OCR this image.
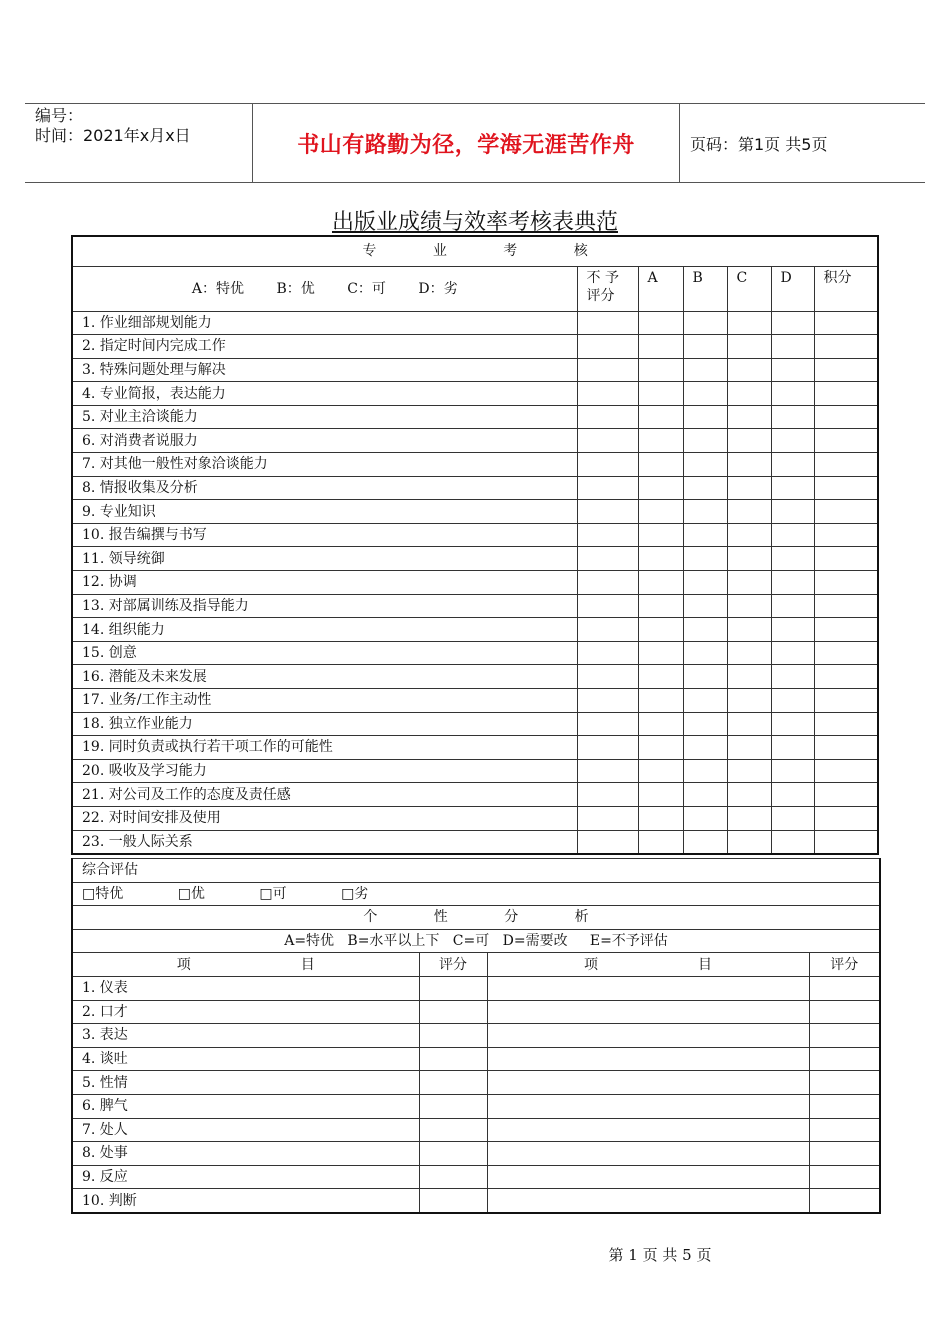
编号：
时间：2021年x月x日	书山有路勤为径，学海无涯苦作舟	页码：第1页 共5页
出版业成绩与效率考核表典范
专 业 考 核						
A：特优 B：优 C：可 D：劣	不 予
评分	A	B	C	D	积分
1. 作业细部规划能力						
2. 指定时间内完成工作						
3. 特殊问题处理与解决						
4. 专业简报，表达能力						
5. 对业主洽谈能力						
6. 对消费者说服力						
7. 对其他一般性对象洽谈能力						
8. 情报收集及分析						
9. 专业知识						
10. 报告编撰与书写						
11. 领导统御						
12. 协调						
13. 对部属训练及指导能力						
14. 组织能力						
15. 创意						
16. 潜能及未来发展						
17. 业务/工作主动性						
18. 独立作业能力						
19. 同时负责或执行若干项工作的可能性						
20. 吸收及学习能力						
21. 对公司及工作的态度及责任感						
22. 对时间安排及使用						
23. 一般人际关系						
综合评估			
□特优 □优 □可 □劣			
个 性 分 析			
A=特优 B=水平以上下 C=可 D=需要改 E=不予评估			
项 目	评分	项 目	评分
1. 仪表			
2. 口才			
3. 表达			
4. 谈吐			
5. 性情			
6. 脾气			
7. 处人			
8. 处事			
9. 反应			
10. 判断			
第 1 页 共 5 页
